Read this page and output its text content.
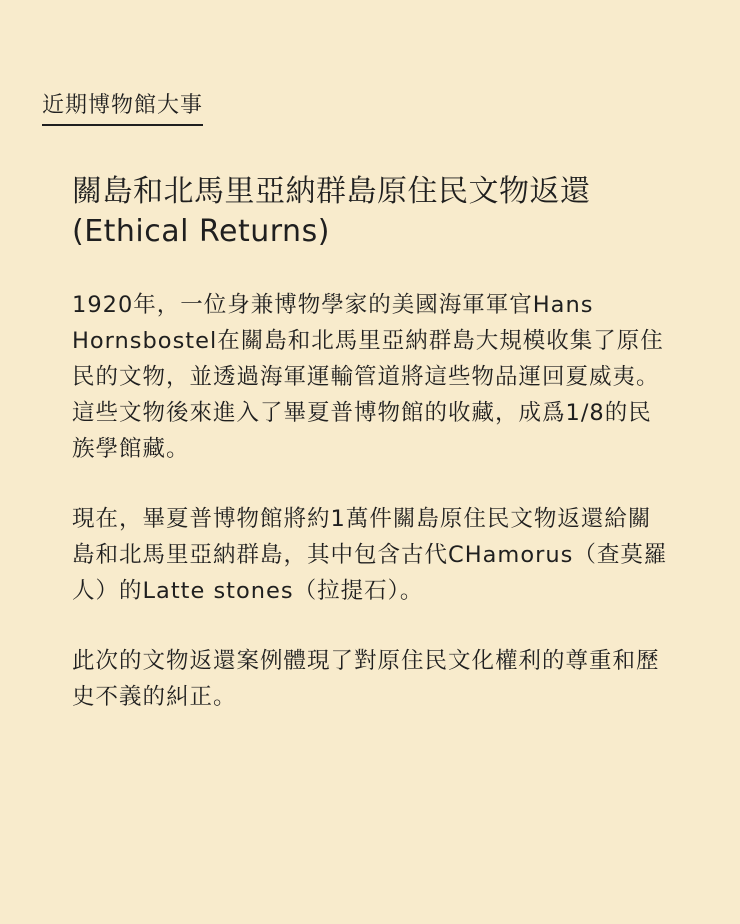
近期博物館大事
關島和北馬里亞納群島原住民文物返還
(Ethical Returns)

1920年，一位身兼博物學家的美國海軍軍官Hans Hornsbostel在關島和北馬里亞納群島大規模收集了原住民的文物，並透過海軍運輸管道將這些物品運回夏威夷。這些文物後來進入了畢夏普博物館的收藏，成爲1/8的民族學館藏。

現在，畢夏普博物館將約1萬件關島原住民文物返還給關島和北馬里亞納群島，其中包含古代CHamorus（查莫羅人）的Latte stones（拉提石）。

此次的文物返還案例體現了對原住民文化權利的尊重和歷史不義的糾正。
